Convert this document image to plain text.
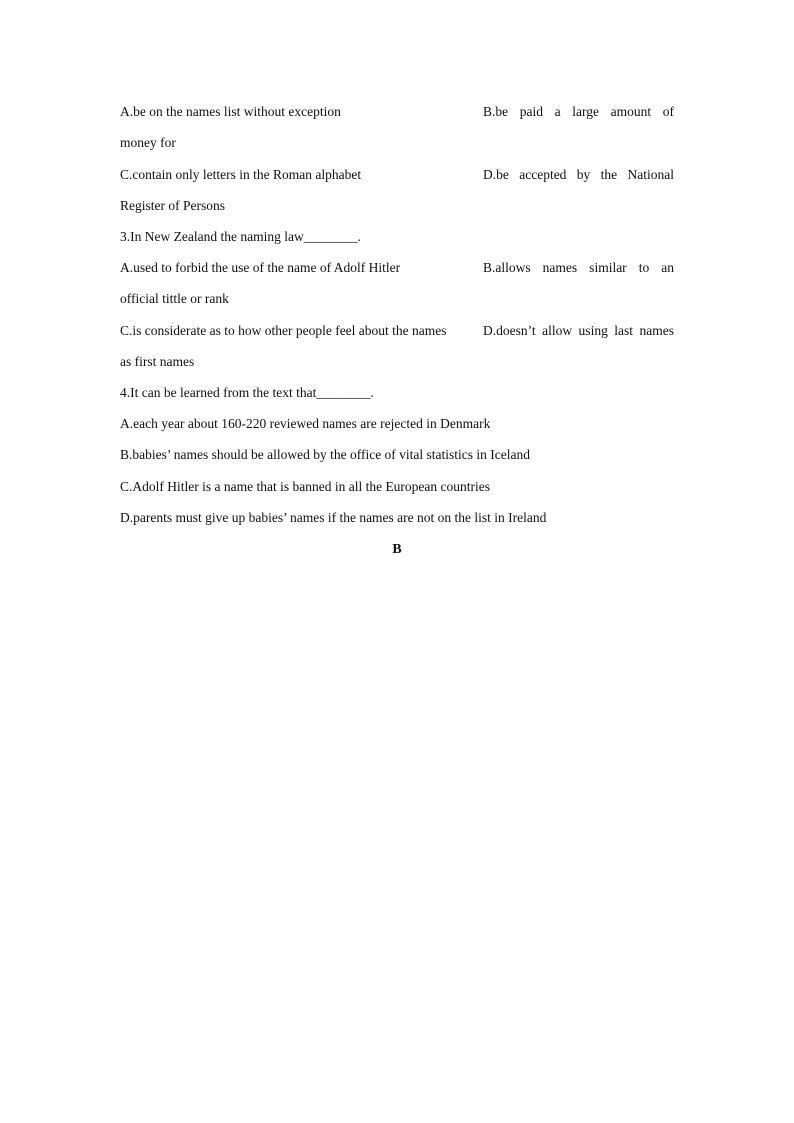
A.be on the names list without exception	B.be paid a large amount of
money for
C.contain only letters in the Roman alphabet	D.be accepted by the National
Register of Persons
3.In New Zealand the naming law________.
A.used to forbid the use of the name of Adolf Hitler	B.allows names similar to an
official tittle or rank
C.is considerate as to how other people feel about the names	D.doesn’t allow using last names
as first names
4.It can be learned from the text that________.
A.each year about 160-220 reviewed names are rejected in Denmark
B.babies’ names should be allowed by the office of vital statistics in Iceland
C.Adolf Hitler is a name that is banned in all the European countries
D.parents must give up babies’ names if the names are not on the list in Ireland
B
